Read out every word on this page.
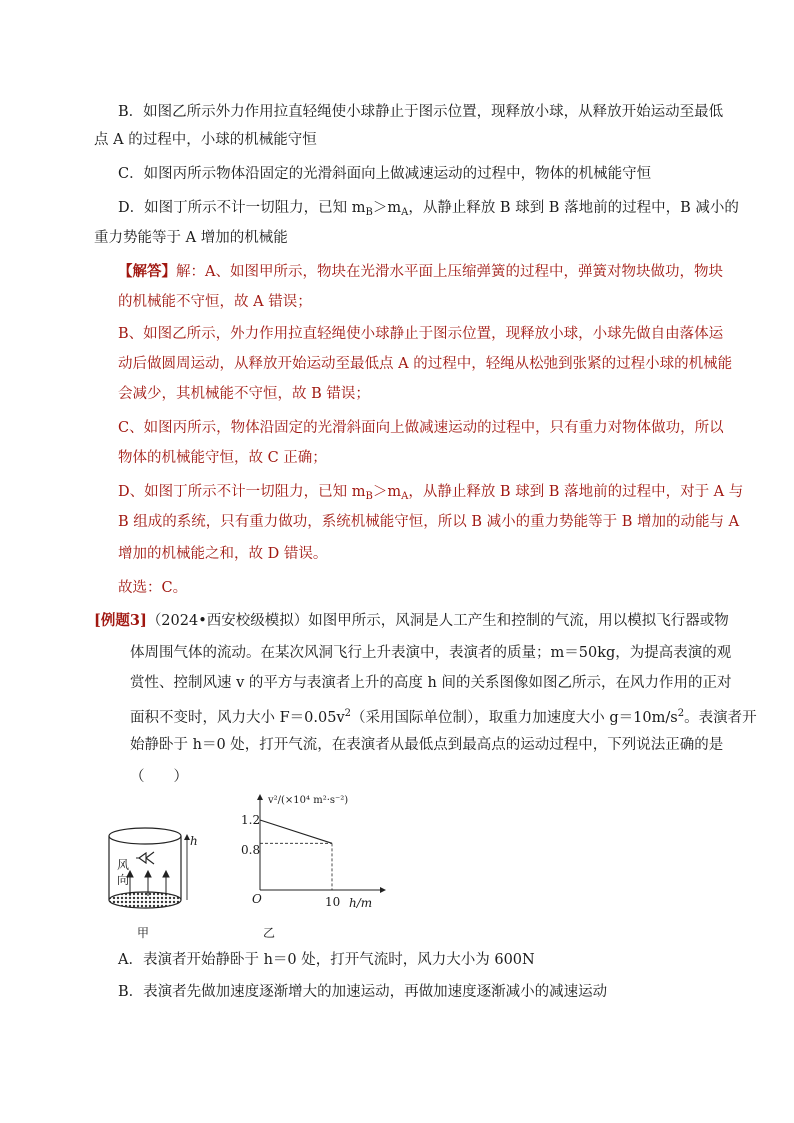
B．如图乙所示外力作用拉直轻绳使小球静止于图示位置，现释放小球，从释放开始运动至最低
点 A 的过程中，小球的机械能守恒
C．如图丙所示物体沿固定的光滑斜面向上做减速运动的过程中，物体的机械能守恒
D．如图丁所示不计一切阻力，已知 $m_B>m_A$，从静止释放 B 球到 B 落地前的过程中，B 减小的
重力势能等于 A 增加的机械能
【解答】解：A、如图甲所示，物块在光滑水平面上压缩弹簧的过程中，弹簧对物块做功，物块
的机械能不守恒，故 A 错误；
B、如图乙所示，外力作用拉直轻绳使小球静止于图示位置，现释放小球，小球先做自由落体运
动后做圆周运动，从释放开始运动至最低点 A 的过程中，轻绳从松弛到张紧的过程小球的机械能
会减少，其机械能不守恒，故 B 错误；
C、如图丙所示，物体沿固定的光滑斜面向上做减速运动的过程中，只有重力对物体做功，所以
物体的机械能守恒，故 C 正确；
D、如图丁所示不计一切阻力，已知 $m_B>m_A$，从静止释放 B 球到 B 落地前的过程中，对于 A 与
B 组成的系统，只有重力做功，系统机械能守恒，所以 B 减小的重力势能等于 B 增加的动能与 A
增加的机械能之和，故 D 错误。
故选：C。
[例题3]（2024•西安校级模拟）如图甲所示，风洞是人工产生和控制的气流，用以模拟飞行器或物
体周围气体的流动。在某次风洞飞行上升表演中，表演者的质量；m＝50kg，为提高表演的观
赏性、控制风速 v 的平方与表演者上升的高度 h 间的关系图像如图乙所示，在风力作用的正对
面积不变时，风力大小 $F=0.05v^2$（采用国际单位制），取重力加速度大小 $g=10m/s^2$。表演者开
始静卧于 h＝0 处，打开气流，在表演者从最低点到最高点的运动过程中，下列说法正确的是
（　　）
风
向
h
甲
v²/(×10⁴ m²·s⁻²)
1.2
0.8
O	10 h/m
乙
A．表演者开始静卧于 h＝0 处，打开气流时，风力大小为 600N
B．表演者先做加速度逐渐增大的加速运动，再做加速度逐渐减小的减速运动
